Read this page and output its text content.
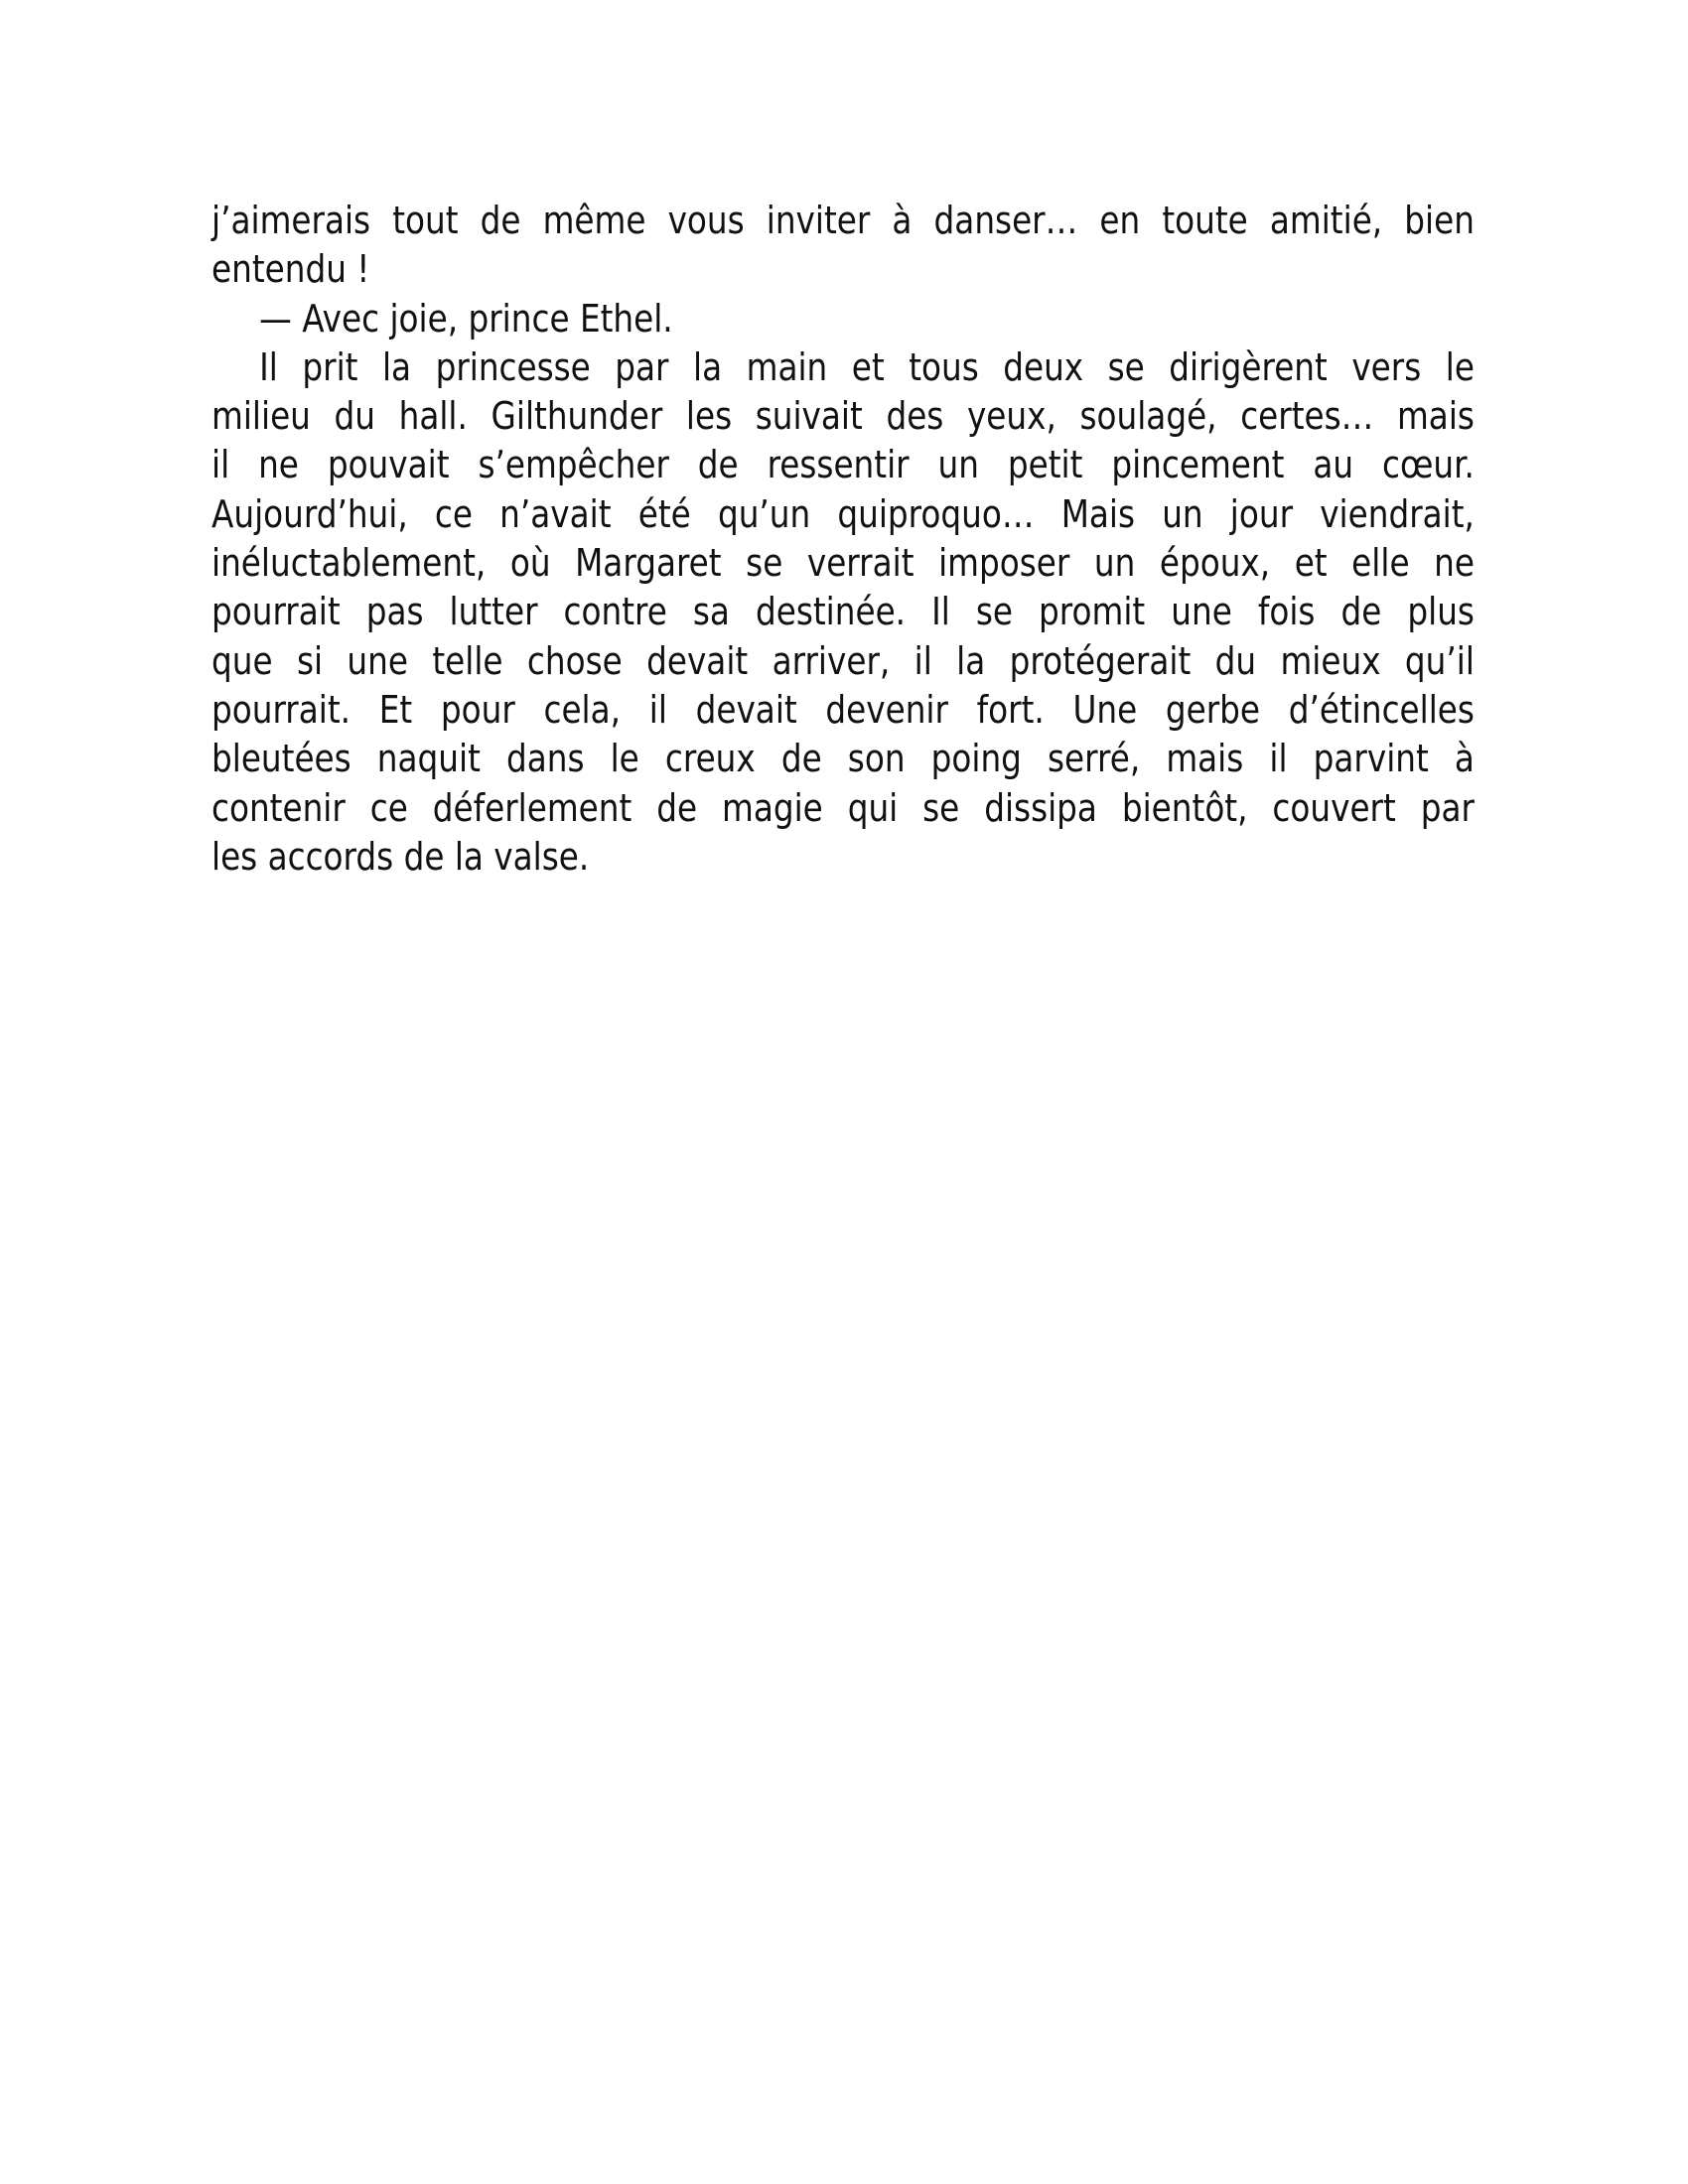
j’aimerais tout de même vous inviter à danser… en toute amitié, bien
entendu !

— Avec joie, prince Ethel.

Il prit la princesse par la main et tous deux se dirigèrent vers le
milieu du hall. Gilthunder les suivait des yeux, soulagé, certes… mais
il ne pouvait s’empêcher de ressentir un petit pincement au cœur.
Aujourd’hui, ce n’avait été qu’un quiproquo… Mais un jour viendrait,
inéluctablement, où Margaret se verrait imposer un époux, et elle ne
pourrait pas lutter contre sa destinée. Il se promit une fois de plus
que si une telle chose devait arriver, il la protégerait du mieux qu’il
pourrait. Et pour cela, il devait devenir fort. Une gerbe d’étincelles
bleutées naquit dans le creux de son poing serré, mais il parvint à
contenir ce déferlement de magie qui se dissipa bientôt, couvert par
les accords de la valse.
